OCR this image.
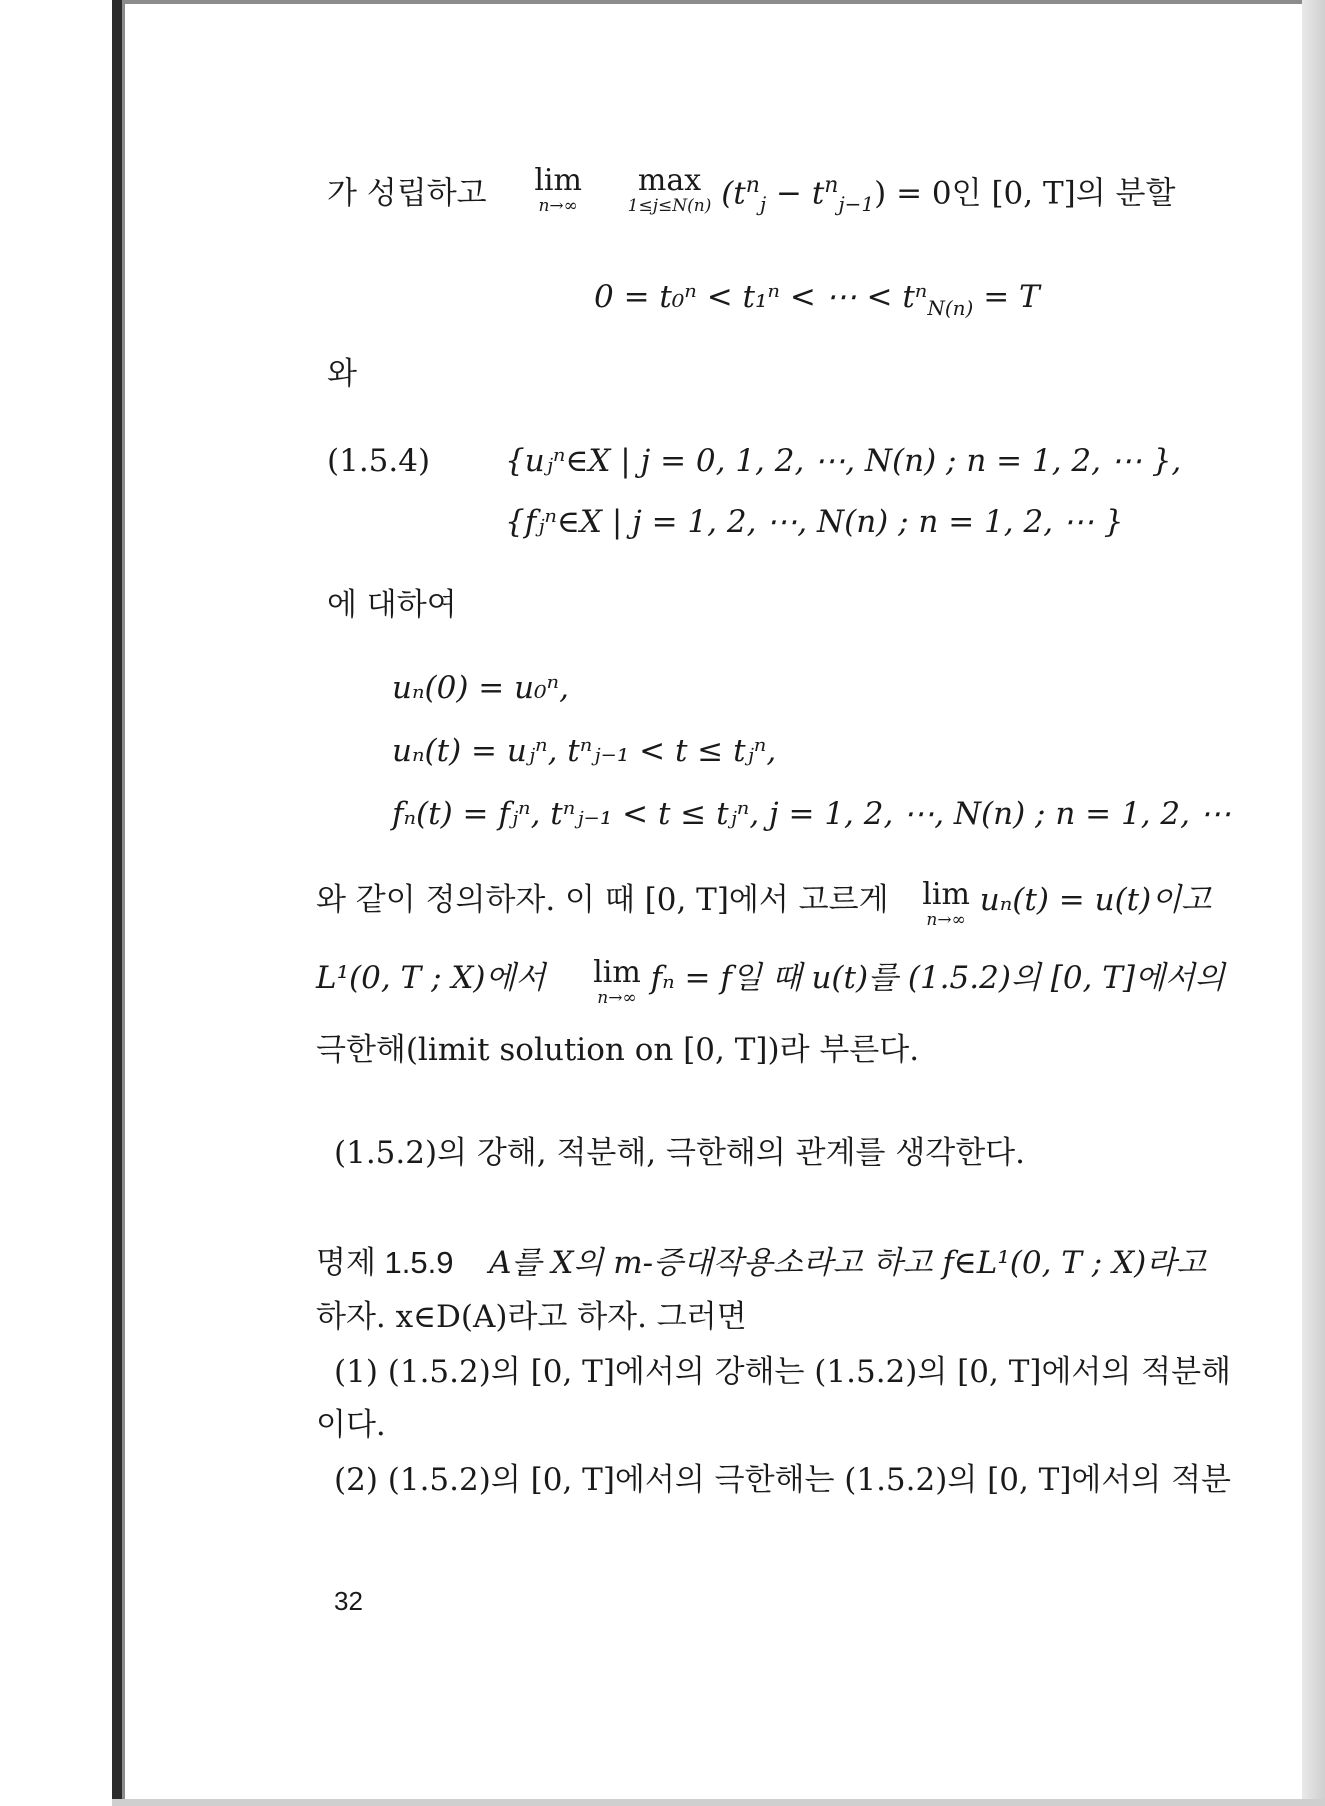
가 성립하고 lim
n→∞

max
1≤j≤N(n) $(t^n_j - t^n_{j-1}) = 0$인 [0, T]의 분할
0 = t₀ⁿ < t₁ⁿ < ⋯ < tⁿ$_{N(n)}$ = T
와
(1.5.4) {uⱼⁿ∈X | j = 0, 1, 2, ⋯, N(n) ; n = 1, 2, ⋯ },
{fⱼⁿ∈X | j = 1, 2, ⋯, N(n) ; n = 1, 2, ⋯ }
에 대하여
uₙ(0) = u₀ⁿ,
uₙ(t) = uⱼⁿ, tⁿⱼ₋₁ < t ≤ tⱼⁿ,
fₙ(t) = fⱼⁿ, tⁿⱼ₋₁ < t ≤ tⱼⁿ, j = 1, 2, ⋯, N(n) ; n = 1, 2, ⋯
와 같이 정의하자. 이 때 [0, T]에서 고르게 lim
n→∞
uₙ(t) = u(t)이고
L¹(0, T ; X)에서 lim
n→∞
fₙ = f일 때 u(t)를 (1.5.2)의 [0, T]에서의
극한해(limit solution on [0, T])라 부른다.
(1.5.2)의 강해, 적분해, 극한해의 관계를 생각한다.
명제 1.5.9 A를 X의 m-증대작용소라고 하고 f∈L¹(0, T ; X)라고
하자. x∈D(A)라고 하자. 그러면
(1) (1.5.2)의 [0, T]에서의 강해는 (1.5.2)의 [0, T]에서의 적분해
이다.
(2) (1.5.2)의 [0, T]에서의 극한해는 (1.5.2)의 [0, T]에서의 적분
32
